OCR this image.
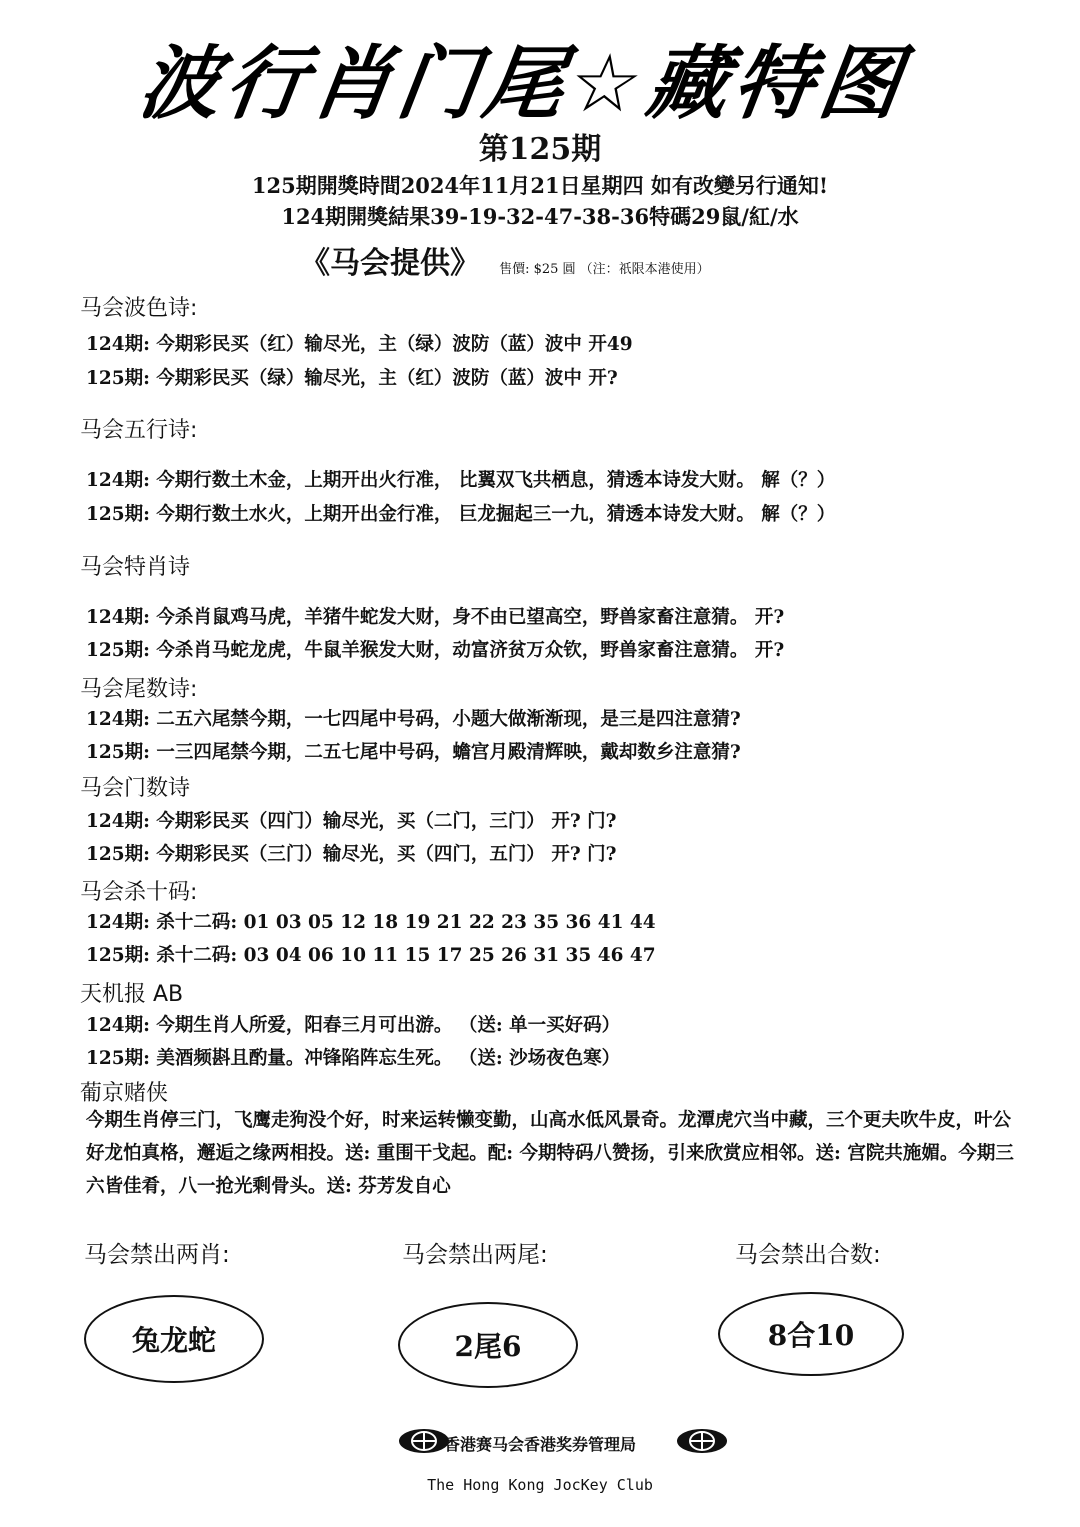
波行肖门尾☆藏特图
第125期
125期開獎時間2024年11月21日星期四 如有改變另行通知!
124期開獎結果39-19-32-47-38-36特碼29鼠/紅/水
《马会提供》 售價: $25 圓 （注：祇限本港使用）
马会波色诗:
124期: 今期彩民买（红）输尽光，主（绿）波防（蓝）波中 开49
125期: 今期彩民买（绿）输尽光，主（红）波防（蓝）波中 开?
马会五行诗:
124期: 今期行数土木金，上期开出火行准， 比翼双飞共栖息，猜透本诗发大财。 解（？）
125期: 今期行数土水火，上期开出金行准， 巨龙掘起三一九，猜透本诗发大财。 解（？）
马会特肖诗
124期: 今杀肖鼠鸡马虎，羊猪牛蛇发大财，身不由已望高空，野兽家畜注意猜。 开?
125期: 今杀肖马蛇龙虎，牛鼠羊猴发大财，动富济贫万众钦，野兽家畜注意猜。 开?
马会尾数诗:
124期: 二五六尾禁今期，一七四尾中号码，小题大做渐渐现，是三是四注意猜?
125期: 一三四尾禁今期，二五七尾中号码，蟾宫月殿清辉映，戴却数乡注意猜?
马会门数诗
124期: 今期彩民买（四门）输尽光，买（二门，三门） 开? 门?
125期: 今期彩民买（三门）输尽光，买（四门，五门） 开? 门?
马会杀十码:
124期: 杀十二码: 01 03 05 12 18 19 21 22 23 35 36 41 44
125期: 杀十二码: 03 04 06 10 11 15 17 25 26 31 35 46 47
天机报 AB
124期: 今期生肖人所爱，阳春三月可出游。 （送: 单一买好码）
125期: 美酒频斟且酌量。冲锋陷阵忘生死。 （送: 沙场夜色寒）
葡京赌侠
今期生肖停三门，飞鹰走狗没个好，时来运转懒变勤，山高水低风景奇。龙潭虎穴当中藏，三个更夫吹牛皮，叶公好龙怕真格，邂逅之缘两相投。送: 重围干戈起。配: 今期特码八赞扬，引来欣赏应相邻。送: 宫院共施媚。今期三六皆佳肴，八一抢光剩骨头。送: 芬芳发自心
马会禁出两肖:	马会禁出两尾:	马会禁出合数:
兔龙蛇	2尾6	8合10
香港赛马会香港奖券管理局
The Hong Kong JocKey Club
